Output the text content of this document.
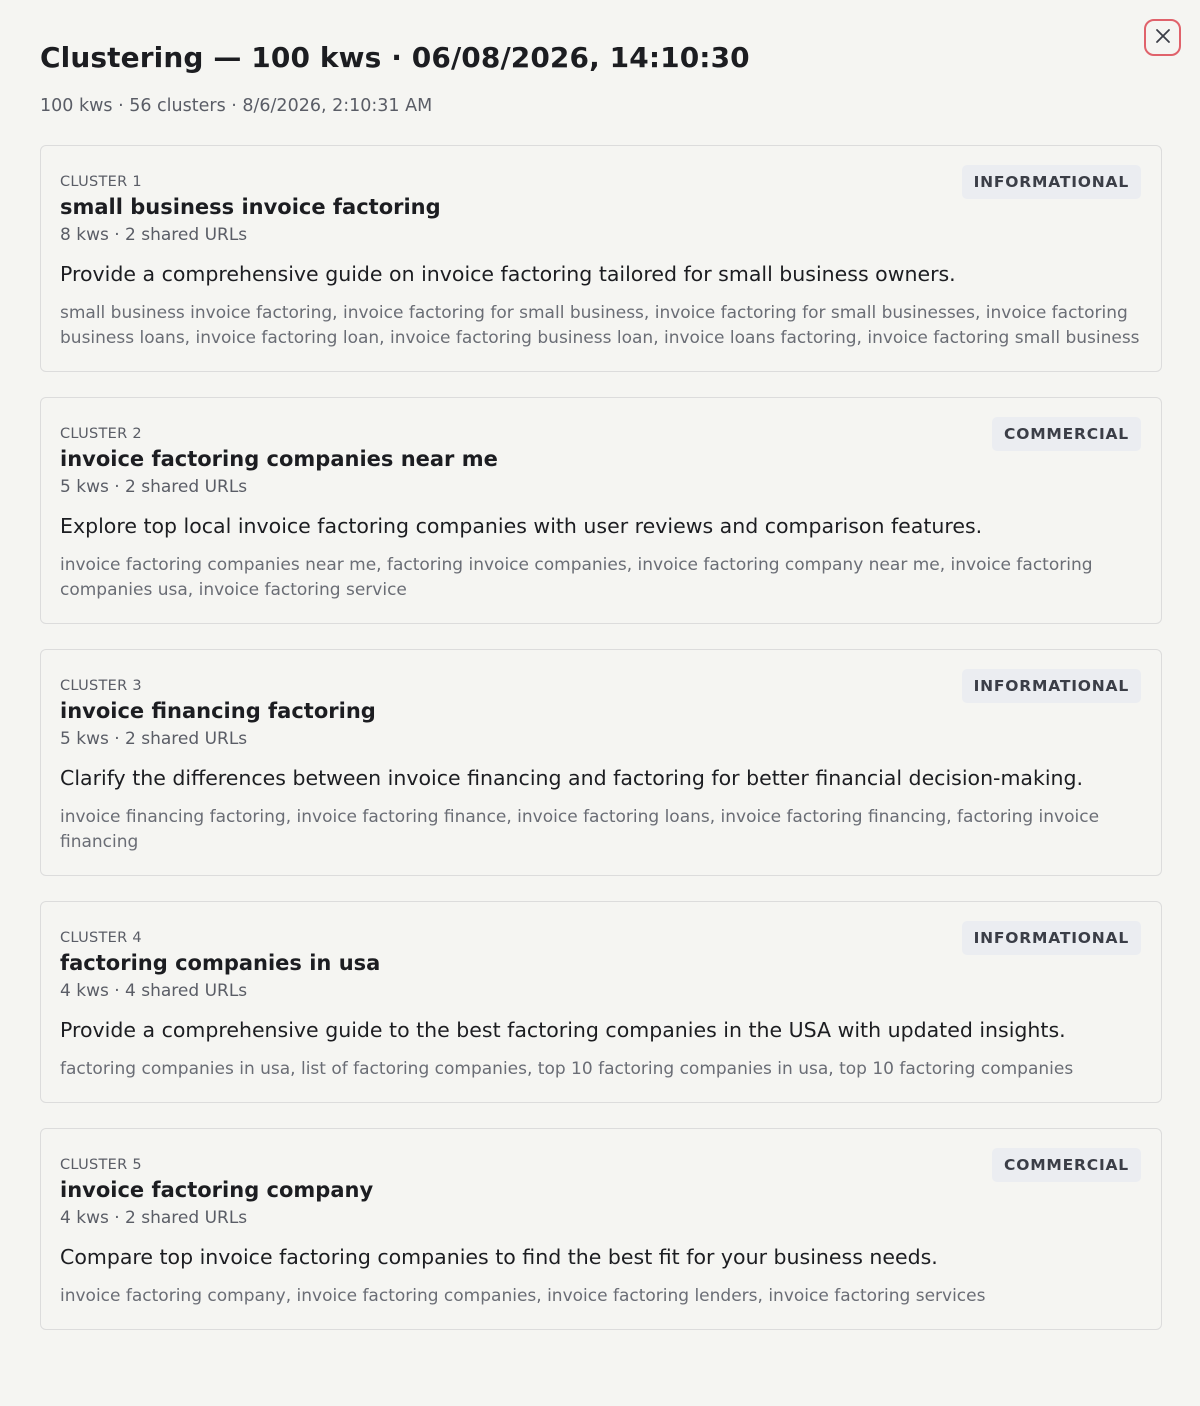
Clustering — 100 kws · 06/08/2026, 14:10:30
100 kws · 56 clusters · 8/6/2026, 2:10:31 AM
CLUSTER 1
small business invoice factoring
8 kws · 2 shared URLs
Provide a comprehensive guide on invoice factoring tailored for small business owners.
small business invoice factoring, invoice factoring for small business, invoice factoring for small businesses, invoice factoring business loans, invoice factoring loan, invoice factoring business loan, invoice loans factoring, invoice factoring small business
INFORMATIONAL
CLUSTER 2
invoice factoring companies near me
5 kws · 2 shared URLs
Explore top local invoice factoring companies with user reviews and comparison features.
invoice factoring companies near me, factoring invoice companies, invoice factoring company near me, invoice factoring companies usa, invoice factoring service
COMMERCIAL
CLUSTER 3
invoice financing factoring
5 kws · 2 shared URLs
Clarify the differences between invoice financing and factoring for better financial decision-making.
invoice financing factoring, invoice factoring finance, invoice factoring loans, invoice factoring financing, factoring invoice financing
INFORMATIONAL
CLUSTER 4
factoring companies in usa
4 kws · 4 shared URLs
Provide a comprehensive guide to the best factoring companies in the USA with updated insights.
factoring companies in usa, list of factoring companies, top 10 factoring companies in usa, top 10 factoring companies
INFORMATIONAL
CLUSTER 5
invoice factoring company
4 kws · 2 shared URLs
Compare top invoice factoring companies to find the best fit for your business needs.
invoice factoring company, invoice factoring companies, invoice factoring lenders, invoice factoring services
COMMERCIAL
